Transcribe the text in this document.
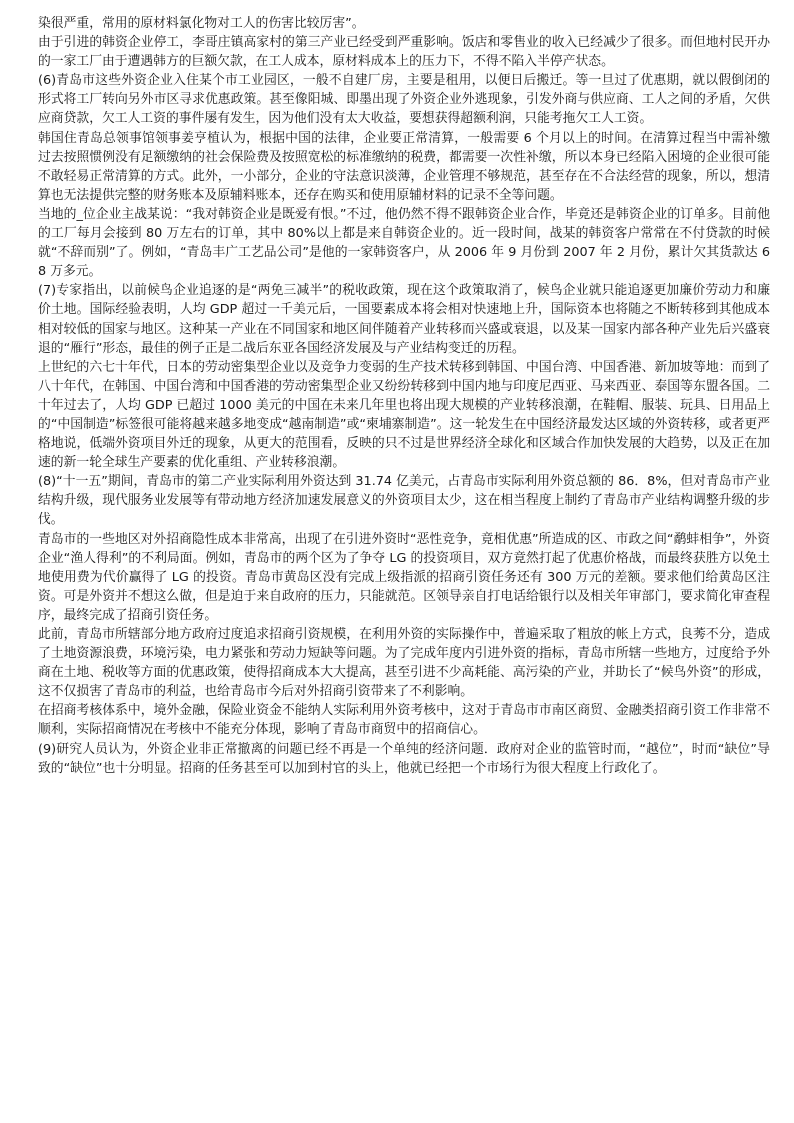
染很严重，常用的原材料氯化物对工人的伤害比较厉害”。

由于引进的韩资企业停工，李哥庄镇高家村的第三产业已经受到严重影响。饭店和零售业的收入已经减少了很多。而但地村民开办的一家工厂由于遭遇韩方的巨额欠款，在工人成本，原材料成本上的压力下，不得不陷入半停产状态。

(6)青岛市这些外资企业入住某个市工业园区，一般不自建厂房，主要是租用，以便日后搬迁。等一旦过了优惠期，就以假倒闭的形式将工厂转向另外市区寻求优惠政策。甚至像阳城、即墨出现了外资企业外逃现象，引发外商与供应商、工人之间的矛盾，欠供应商贷款，欠工人工资的事件屡有发生，因为他们没有太大收益，要想获得超额利润，只能考拖欠工人工资。

韩国住青岛总领事馆领事姜亨植认为，根据中国的法律，企业要正常清算，一般需要 6 个月以上的时间。在清算过程当中需补缴过去按照惯例没有足额缴纳的社会保险费及按照宽松的标准缴纳的税费，都需要一次性补缴，所以本身已经陷入困境的企业很可能不敢轻易正常清算的方式。此外，一小部分，企业的守法意识淡薄，企业管理不够规范，甚至存在不合法经营的现象，所以，想清算也无法提供完整的财务账本及原辅料账本，还存在购买和使用原辅材料的记录不全等问题。

当地的_位企业主战某说：“我对韩资企业是既爱有恨。”不过，他仍然不得不跟韩资企业合作，毕竟还是韩资企业的订单多。目前他的工厂每月会接到 80 万左右的订单，其中 80%以上都是来自韩资企业的。近一段时间，战某的韩资客户常常在不付贷款的时候就“不辞而别”了。例如，“青岛丰广工艺品公司”是他的一家韩资客户，从 2006 年 9 月份到 2007 年 2 月份，累计欠其货款达 68 万多元。

(7)专家指出，以前候鸟企业追逐的是“两免三减半”的税收政策，现在这个政策取消了，候鸟企业就只能追逐更加廉价劳动力和廉价土地。国际经验表明，人均 GDP 超过一千美元后，一国要素成本将会相对快速地上升，国际资本也将随之不断转移到其他成本相对较低的国家与地区。这种某一产业在不同国家和地区间伴随着产业转移而兴盛或衰退，以及某一国家内部各种产业先后兴盛衰退的“雁行”形态，最佳的例子正是二战后东亚各国经济发展及与产业结构变迁的历程。

上世纪的六七十年代，日本的劳动密集型企业以及竞争力变弱的生产技术转移到韩国、中国台湾、中国香港、新加坡等地：而到了八十年代，在韩国、中国台湾和中国香港的劳动密集型企业又纷纷转移到中国内地与印度尼西亚、马来西亚、泰国等东盟各国。二十年过去了，人均 GDP 已超过 1000 美元的中国在未来几年里也将出现大规模的产业转移浪潮，在鞋帽、服装、玩具、日用品上的“中国制造”标签很可能将越来越多地变成“越南制造”或“柬埔寨制造”。这一轮发生在中国经济最发达区域的外资转移，或者更严格地说，低端外资项目外迁的现象，从更大的范围看，反映的只不过是世界经济全球化和区域合作加快发展的大趋势，以及正在加速的新一轮全球生产要素的优化重组、产业转移浪潮。

(8)“十一五”期间，青岛市的第二产业实际利用外资达到 31.74 亿美元，占青岛市实际利用外资总额的 86．8%，但对青岛市产业结构升级，现代服务业发展等有带动地方经济加速发展意义的外资项目太少，这在相当程度上制约了青岛市产业结构调整升级的步伐。

青岛市的一些地区对外招商隐性成本非常高，出现了在引进外资时“恶性竞争，竟相优惠”所造成的区、市政之间“鹬蚌相争”，外资企业“渔人得利”的不利局面。例如，青岛市的两个区为了争夺 LG 的投资项目，双方竟然打起了优惠价格战，而最终获胜方以免土地使用费为代价赢得了 LG 的投资。青岛市黄岛区没有完成上级指派的招商引资任务还有 300 万元的差额。要求他们给黄岛区注资。可是外资并不想这么做，但是迫于来自政府的压力，只能就范。区领导亲自打电话给银行以及相关年审部门，要求简化审查程序，最终完成了招商引资任务。

此前，青岛市所辖部分地方政府过度追求招商引资规模，在利用外资的实际操作中，普遍采取了粗放的帐上方式，良莠不分，造成了土地资源浪费，环境污染，电力紧张和劳动力短缺等问题。为了完成年度内引进外资的指标，青岛市所辖一些地方，过度给予外商在土地、税收等方面的优惠政策，使得招商成本大大提高，甚至引进不少高耗能、高污染的产业，并助长了“候鸟外资”的形成，这不仅损害了青岛市的利益，也给青岛市今后对外招商引资带来了不利影响。

在招商考核体系中，境外金融，保险业资金不能纳人实际利用外资考核中，这对于青岛市市南区商贸、金融类招商引资工作非常不顺利，实际招商情况在考核中不能充分体现，影响了青岛市商贸中的招商信心。

(9)研究人员认为，外资企业非正常撤离的问题已经不再是一个单纯的经济问题．政府对企业的监管时而，“越位”，时而“缺位”导致的“缺位”也十分明显。招商的任务甚至可以加到村官的头上，他就已经把一个市场行为很大程度上行政化了。
